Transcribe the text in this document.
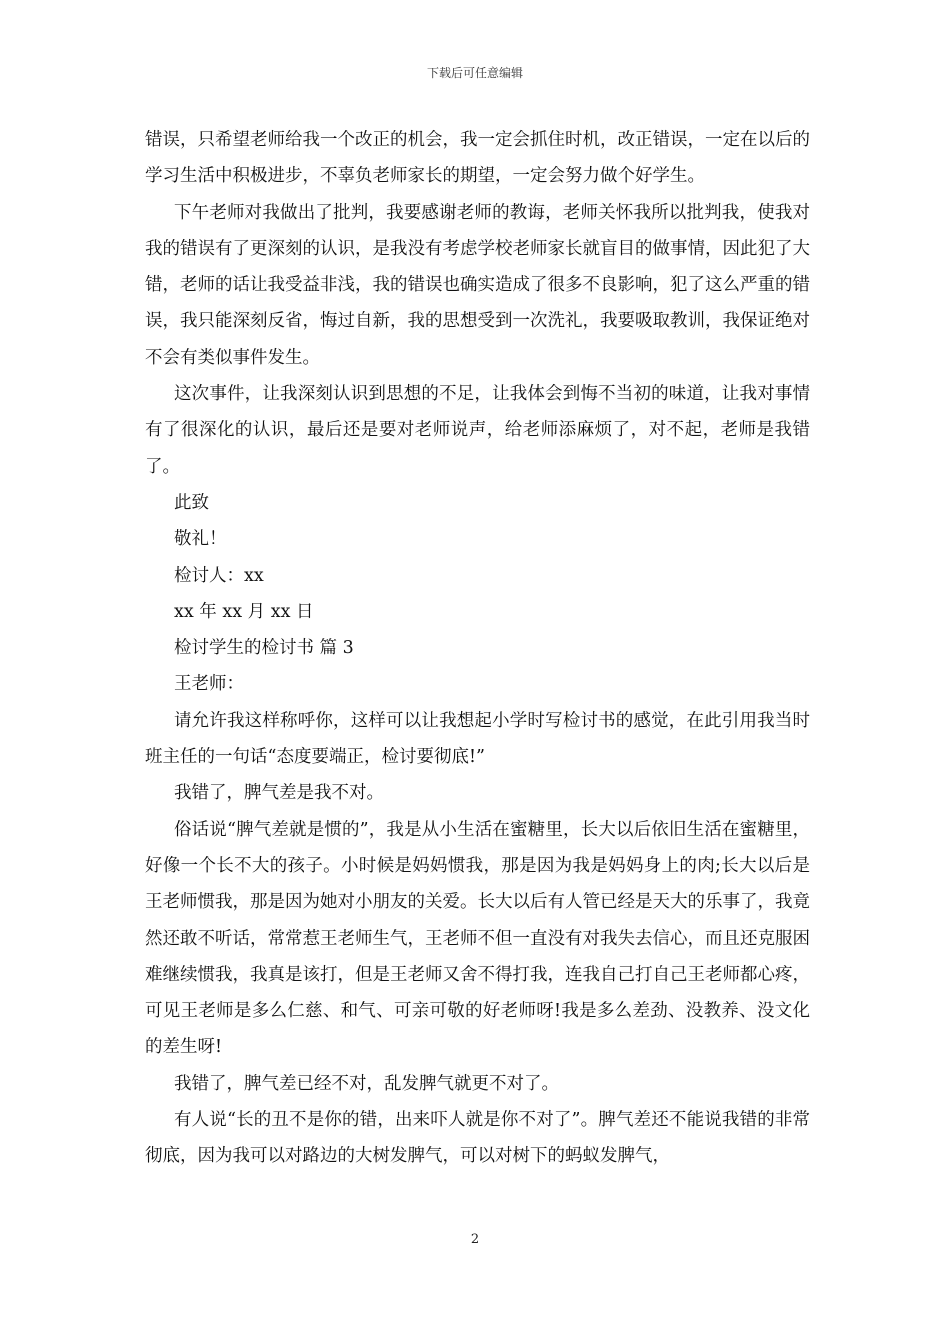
下载后可任意编辑

错误，只希望老师给我一个改正的机会，我一定会抓住时机，改正错误，一定在以后的学习生活中积极进步，不辜负老师家长的期望，一定会努力做个好学生。

下午老师对我做出了批判，我要感谢老师的教诲，老师关怀我所以批判我，使我对我的错误有了更深刻的认识，是我没有考虑学校老师家长就盲目的做事情，因此犯了大错，老师的话让我受益非浅，我的错误也确实造成了很多不良影响，犯了这么严重的错误，我只能深刻反省，悔过自新，我的思想受到一次洗礼，我要吸取教训，我保证绝对不会有类似事件发生。

这次事件，让我深刻认识到思想的不足，让我体会到悔不当初的味道，让我对事情有了很深化的认识，最后还是要对老师说声，给老师添麻烦了，对不起，老师是我错了。

此致

敬礼！

检讨人：xx

xx 年 xx 月 xx 日

检讨学生的检讨书 篇 3

王老师：

请允许我这样称呼你，这样可以让我想起小学时写检讨书的感觉，在此引用我当时班主任的一句话“态度要端正，检讨要彻底!”

我错了，脾气差是我不对。

俗话说“脾气差就是惯的”，我是从小生活在蜜糖里，长大以后依旧生活在蜜糖里，好像一个长不大的孩子。小时候是妈妈惯我，那是因为我是妈妈身上的肉;长大以后是王老师惯我，那是因为她对小朋友的关爱。长大以后有人管已经是天大的乐事了，我竟然还敢不听话，常常惹王老师生气，王老师不但一直没有对我失去信心，而且还克服困难继续惯我，我真是该打，但是王老师又舍不得打我，连我自己打自己王老师都心疼，可见王老师是多么仁慈、和气、可亲可敬的好老师呀!我是多么差劲、没教养、没文化的差生呀!

我错了，脾气差已经不对，乱发脾气就更不对了。

有人说“长的丑不是你的错，出来吓人就是你不对了”。脾气差还不能说我错的非常彻底，因为我可以对路边的大树发脾气，可以对树下的蚂蚁发脾气，

2
